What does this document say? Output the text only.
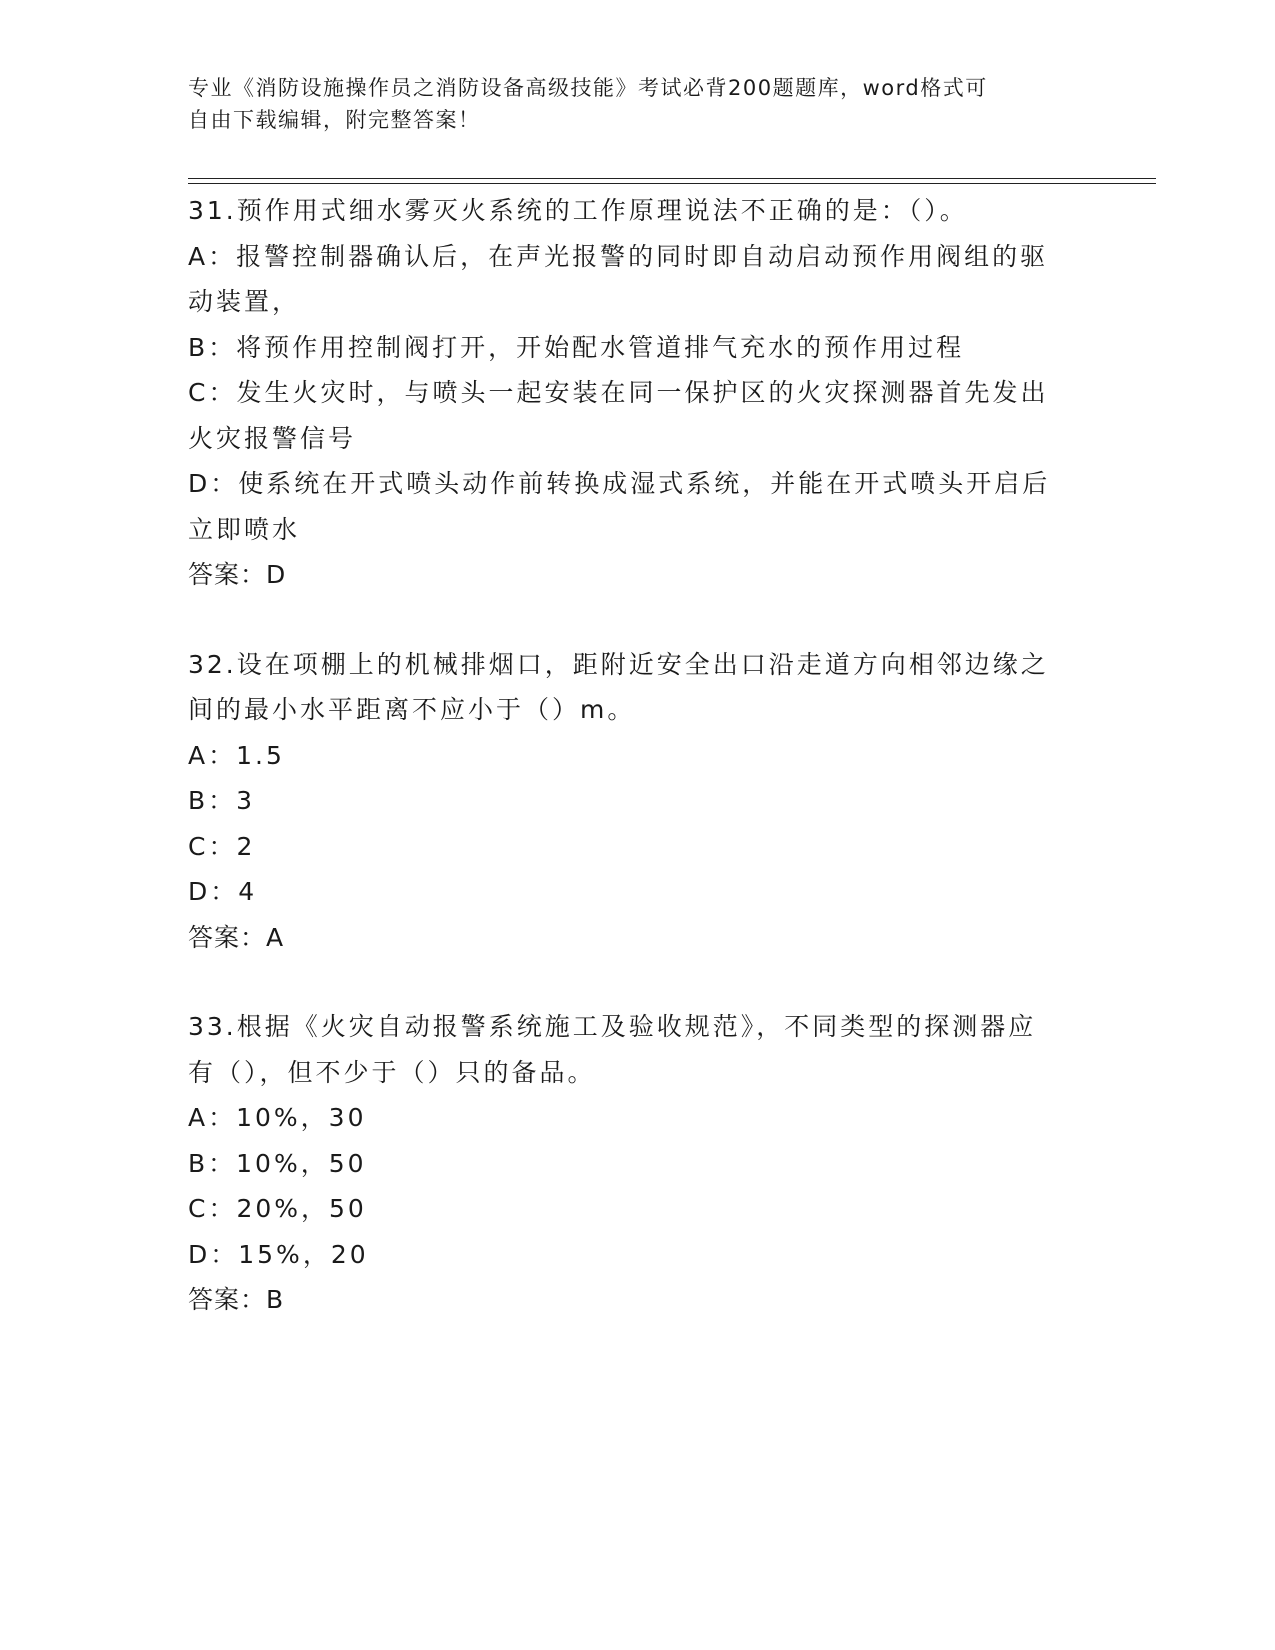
专业《消防设施操作员之消防设备高级技能》考试必背200题题库，word格式可
自由下载编辑，附完整答案！
31.预作用式细水雾灭火系统的工作原理说法不正确的是：（）。
A：报警控制器确认后，在声光报警的同时即自动启动预作用阀组的驱
动装置，
B：将预作用控制阀打开，开始配水管道排气充水的预作用过程
C：发生火灾时，与喷头一起安装在同一保护区的火灾探测器首先发出
火灾报警信号
D：使系统在开式喷头动作前转换成湿式系统，并能在开式喷头开启后
立即喷水
答案：D
32.设在项棚上的机械排烟口，距附近安全出口沿走道方向相邻边缘之
间的最小水平距离不应小于（）m。
A：1.5
B：3
C：2
D：4
答案：A
33.根据《火灾自动报警系统施工及验收规范》，不同类型的探测器应
有（），但不少于（）只的备品。
A：10%，30
B：10%，50
C：20%，50
D：15%，20
答案：B
